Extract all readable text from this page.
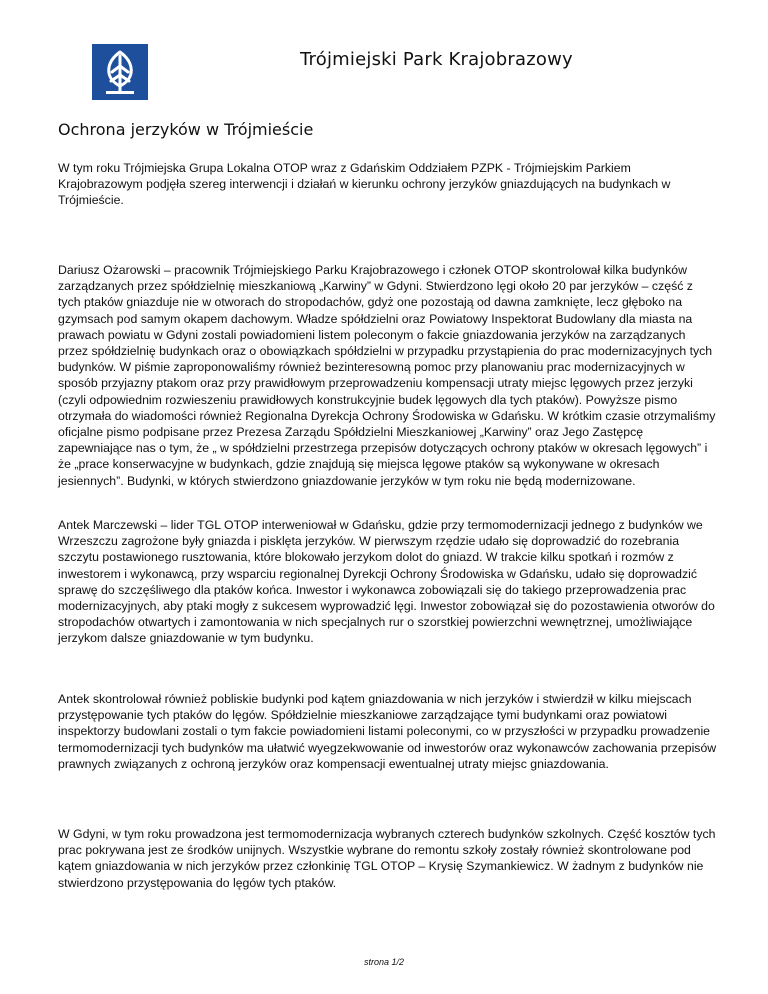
Trójmiejski Park Krajobrazowy
Ochrona jerzyków w Trójmieście

W tym roku Trójmiejska Grupa Lokalna OTOP wraz z Gdańskim Oddziałem PZPK - Trójmiejskim Parkiem Krajobrazowym podjęła szereg interwencji i działań w kierunku ochrony jerzyków gniazdujących na budynkach w Trójmieście.

Dariusz Ożarowski – pracownik Trójmiejskiego Parku Krajobrazowego i członek OTOP skontrolował kilka budynków zarządzanych przez spółdzielnię mieszkaniową „Karwiny” w Gdyni. Stwierdzono lęgi około 20 par jerzyków – część z tych ptaków gniazduje nie w otworach do stropodachów, gdyż one pozostają od dawna zamknięte, lecz głęboko na gzymsach pod samym okapem dachowym. Władze spółdzielni oraz Powiatowy Inspektorat Budowlany dla miasta na prawach powiatu w Gdyni zostali powiadomieni listem poleconym o fakcie gniazdowania jerzyków na zarządzanych przez spółdzielnię budynkach oraz o obowiązkach spółdzielni w przypadku przystąpienia do prac modernizacyjnych tych budynków. W piśmie zaproponowaliśmy również bezinteresowną pomoc przy planowaniu prac modernizacyjnych w sposób przyjazny ptakom oraz przy prawidłowym przeprowadzeniu kompensacji utraty miejsc lęgowych przez jerzyki (czyli odpowiednim rozwieszeniu prawidłowych konstrukcyjnie budek lęgowych dla tych ptaków). Powyższe pismo otrzymała do wiadomości również Regionalna Dyrekcja Ochrony Środowiska w Gdańsku. W krótkim czasie otrzymaliśmy oficjalne pismo podpisane przez Prezesa Zarządu Spółdzielni Mieszkaniowej „Karwiny” oraz Jego Zastępcę zapewniające nas o tym, że „ w spółdzielni przestrzega przepisów dotyczących ochrony ptaków w okresach lęgowych” i że „prace konserwacyjne w budynkach, gdzie znajdują się miejsca lęgowe ptaków są wykonywane w okresach jesiennych”. Budynki, w których stwierdzono gniazdowanie jerzyków w tym roku nie będą modernizowane.

Antek Marczewski – lider TGL OTOP interweniował w Gdańsku, gdzie przy termomodernizacji jednego z budynków we Wrzeszczu zagrożone były gniazda i pisklęta jerzyków. W pierwszym rzędzie udało się doprowadzić do rozebrania szczytu postawionego rusztowania, które blokowało jerzykom dolot do gniazd. W trakcie kilku spotkań i rozmów z inwestorem i wykonawcą, przy wsparciu regionalnej Dyrekcji Ochrony Środowiska w Gdańsku, udało się doprowadzić sprawę do szczęśliwego dla ptaków końca. Inwestor i wykonawca zobowiązali się do takiego przeprowadzenia prac modernizacyjnych, aby ptaki mogły z sukcesem wyprowadzić lęgi. Inwestor zobowiązał się do pozostawienia otworów do stropodachów otwartych i zamontowania w nich specjalnych rur o szorstkiej powierzchni wewnętrznej, umożliwiające jerzykom dalsze gniazdowanie w tym budynku.

Antek skontrolował również pobliskie budynki pod kątem gniazdowania w nich jerzyków i stwierdził w kilku miejscach przystępowanie tych ptaków do lęgów. Spółdzielnie mieszkaniowe zarządzające tymi budynkami oraz powiatowi inspektorzy budowlani zostali o tym fakcie powiadomieni listami poleconymi, co w przyszłości w przypadku prowadzenie termomodernizacji tych budynków ma ułatwić wyegzekwowanie od inwestorów oraz wykonawców zachowania przepisów prawnych związanych z ochroną jerzyków oraz kompensacji ewentualnej utraty miejsc gniazdowania.

W Gdyni, w tym roku prowadzona jest termomodernizacja wybranych czterech budynków szkolnych. Część kosztów tych prac pokrywana jest ze środków unijnych. Wszystkie wybrane do remontu szkoły zostały również skontrolowane pod kątem gniazdowania w nich jerzyków przez członkinię TGL OTOP – Krysię Szymankiewicz. W żadnym z budynków nie stwierdzono przystępowania do lęgów tych ptaków.

strona 1/2
